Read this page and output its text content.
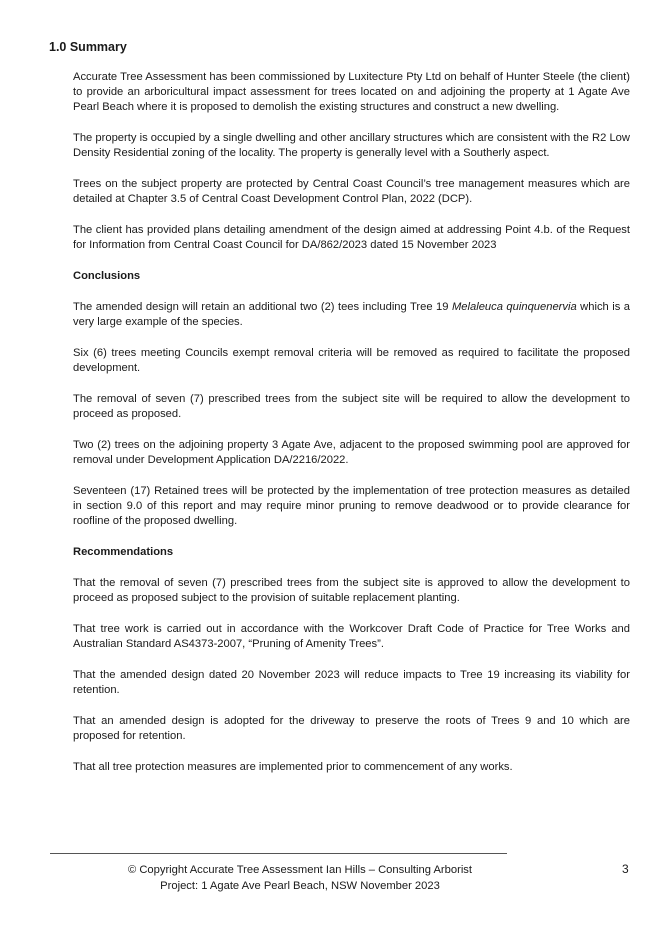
1.0 Summary

Accurate Tree Assessment has been commissioned by Luxitecture Pty Ltd on behalf of Hunter Steele (the client) to provide an arboricultural impact assessment for trees located on and adjoining the property at 1 Agate Ave Pearl Beach where it is proposed to demolish the existing structures and construct a new dwelling.

The property is occupied by a single dwelling and other ancillary structures which are consistent with the R2 Low Density Residential zoning of the locality. The property is generally level with a Southerly aspect.

Trees on the subject property are protected by Central Coast Council’s tree management measures which are detailed at Chapter 3.5 of Central Coast Development Control Plan, 2022 (DCP).

The client has provided plans detailing amendment of the design aimed at addressing Point 4.b. of the Request for Information from Central Coast Council for DA/862/2023 dated 15 November 2023

Conclusions

The amended design will retain an additional two (2) tees including Tree 19 Melaleuca quinquenervia which is a very large example of the species.

Six (6) trees meeting Councils exempt removal criteria will be removed as required to facilitate the proposed development.

The removal of seven (7) prescribed trees from the subject site will be required to allow the development to proceed as proposed.

Two (2) trees on the adjoining property 3 Agate Ave, adjacent to the proposed swimming pool are approved for removal under Development Application DA/2216/2022.

Seventeen (17) Retained trees will be protected by the implementation of tree protection measures as detailed in section 9.0 of this report and may require minor pruning to remove deadwood or to provide clearance for roofline of the proposed dwelling.

Recommendations

That the removal of seven (7) prescribed trees from the subject site is approved to allow the development to proceed as proposed subject to the provision of suitable replacement planting.

That tree work is carried out in accordance with the Workcover Draft Code of Practice for Tree Works and Australian Standard AS4373-2007, “Pruning of Amenity Trees”.

That the amended design dated 20 November 2023 will reduce impacts to Tree 19 increasing its viability for retention.

That an amended design is adopted for the driveway to preserve the roots of Trees 9 and 10 which are proposed for retention.

That all tree protection measures are implemented prior to commencement of any works.

© Copyright Accurate Tree Assessment Ian Hills – Consulting Arborist
Project: 1 Agate Ave Pearl Beach, NSW November 2023
3
